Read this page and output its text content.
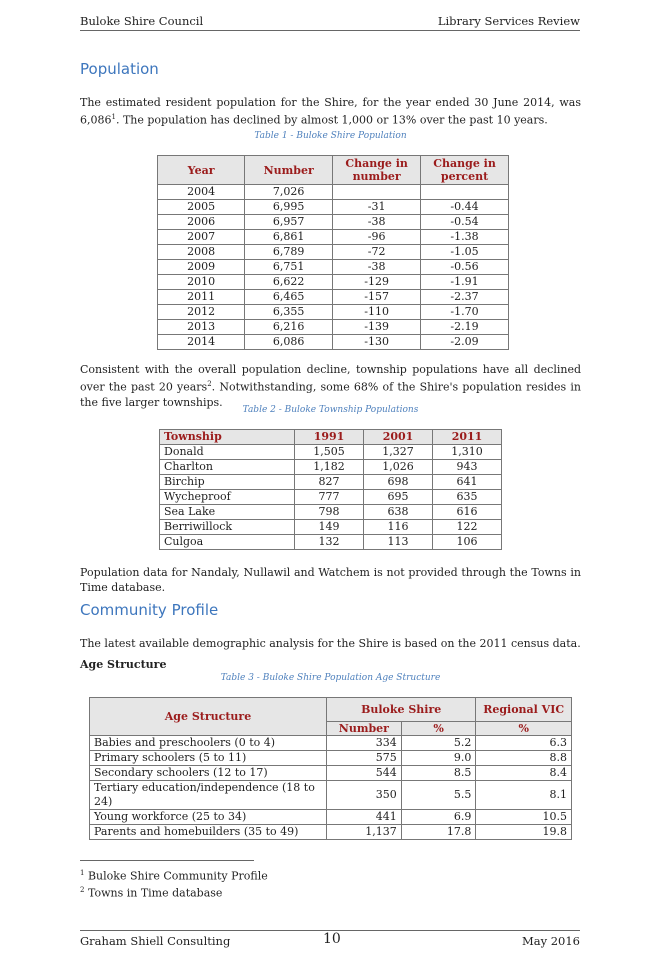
Buloke Shire Council	Library Services Review
Population

The estimated resident population for the Shire, for the year ended 30 June 2014, was 6,086$^1$. The population has declined by almost 1,000 or 13% over the past 10 years.

Table 1 - Buloke Shire Population
Year	Number	Change in number	Change in percent
2004	7,026		
2005	6,995	-31	-0.44
2006	6,957	-38	-0.54
2007	6,861	-96	-1.38
2008	6,789	-72	-1.05
2009	6,751	-38	-0.56
2010	6,622	-129	-1.91
2011	6,465	-157	-2.37
2012	6,355	-110	-1.70
2013	6,216	-139	-2.19
2014	6,086	-130	-2.09

Consistent with the overall population decline, township populations have all declined over the past 20 years$^2$. Notwithstanding, some 68% of the Shire's population resides in the five larger townships.

Table 2 - Buloke Township Populations
Township	1991	2001	2011
Donald	1,505	1,327	1,310
Charlton	1,182	1,026	943
Birchip	827	698	641
Wycheproof	777	695	635
Sea Lake	798	638	616
Berriwillock	149	116	122
Culgoa	132	113	106

Population data for Nandaly, Nullawil and Watchem is not provided through the Towns in Time database.

Community Profile

The latest available demographic analysis for the Shire is based on the 2011 census data.

Age Structure
Table 3 - Buloke Shire Population Age Structure
Age Structure	Buloke Shire		Regional VIC
	Number	%	%
Babies and preschoolers (0 to 4)	334	5.2	6.3
Primary schoolers (5 to 11)	575	9.0	8.8
Secondary schoolers (12 to 17)	544	8.5	8.4
Tertiary education/independence (18 to 24)	350	5.5	8.1
Young workforce (25 to 34)	441	6.9	10.5
Parents and homebuilders (35 to 49)	1,137	17.8	19.8
$^1$ Buloke Shire Community Profile
$^2$ Towns in Time database
Graham Shiell Consulting	10	May 2016
